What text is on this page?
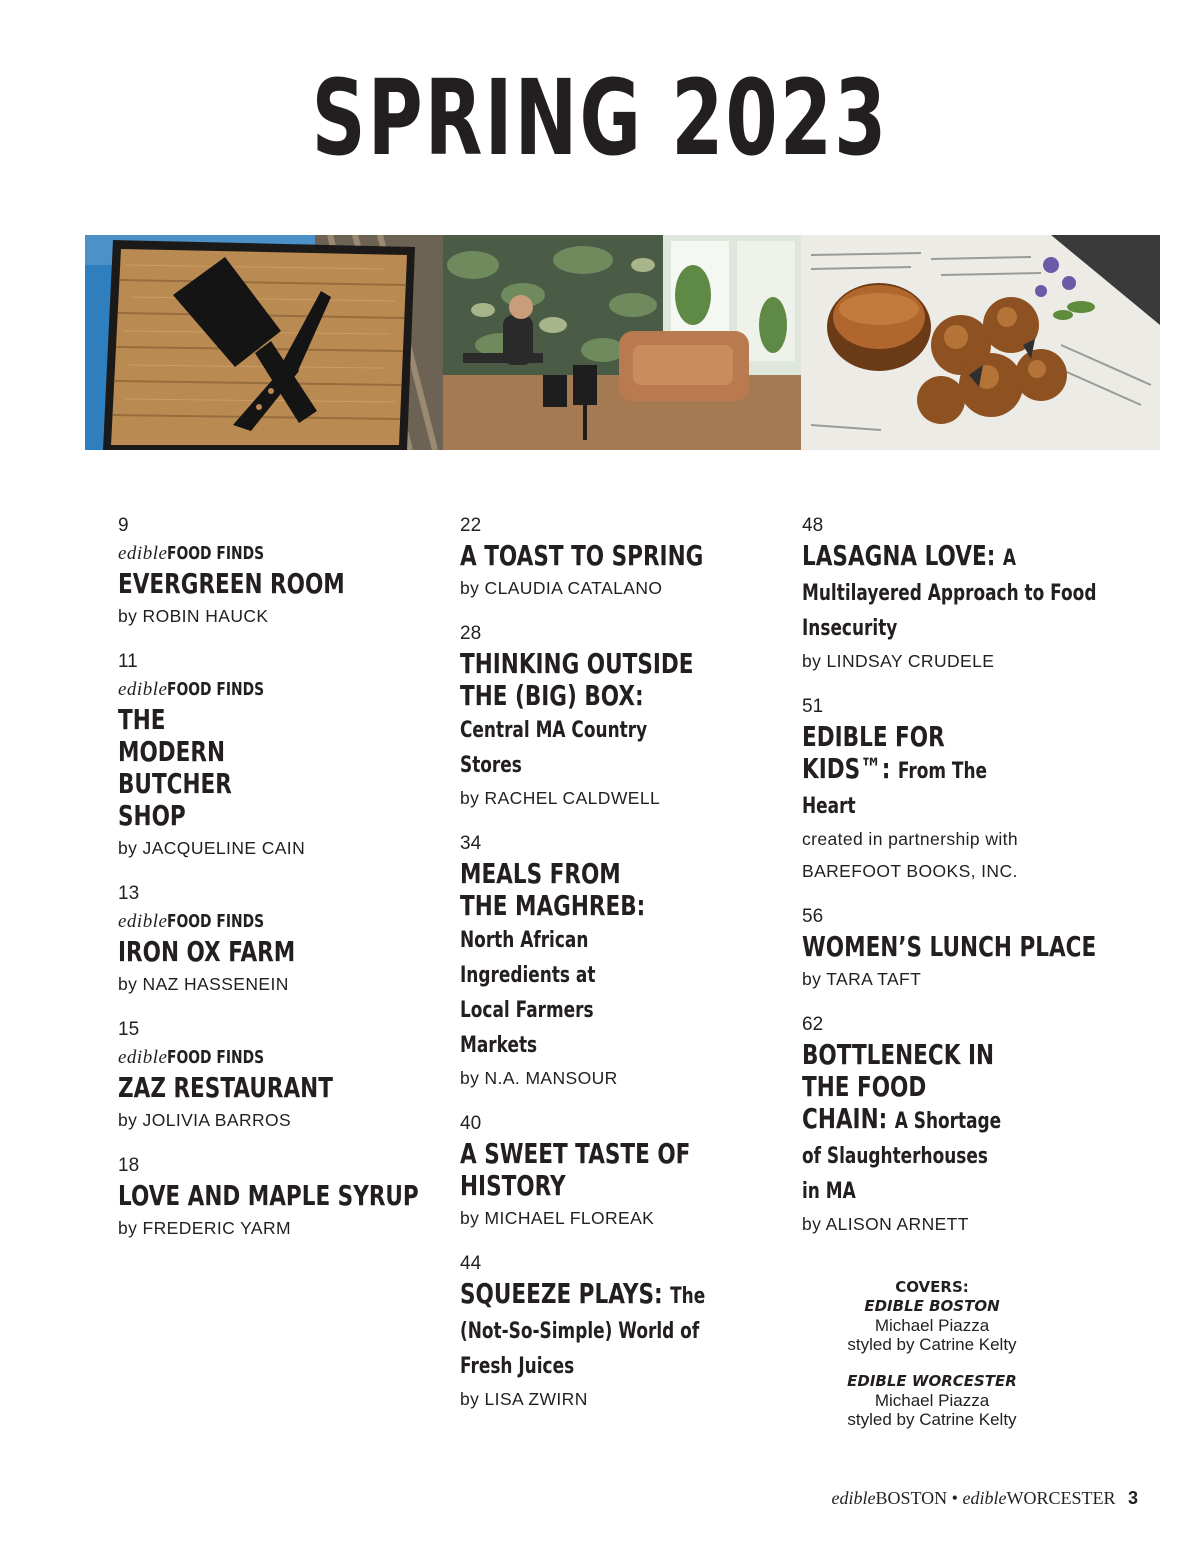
SPRING 2023
9
edibleFOOD FINDS
EVERGREEN ROOM
by ROBIN HAUCK
11
edibleFOOD FINDS
THE MODERN BUTCHER SHOP
by JACQUELINE CAIN
13
edibleFOOD FINDS
IRON OX FARM
by NAZ HASSENEIN
15
edibleFOOD FINDS
ZAZ RESTAURANT
by JOLIVIA BARROS
18
LOVE AND MAPLE SYRUP
by FREDERIC YARM
22
A TOAST TO SPRING
by CLAUDIA CATALANO
28
THINKING OUTSIDE THE (BIG) BOX: Central MA Country Stores
by RACHEL CALDWELL
34
MEALS FROM THE MAGHREB: North African Ingredients at Local Farmers Markets
by N.A. MANSOUR
40
A SWEET TASTE OF HISTORY
by MICHAEL FLOREAK
44
SQUEEZE PLAYS: The (Not-So-Simple) World of Fresh Juices
by LISA ZWIRN
48
LASAGNA LOVE: A Multilayered Approach to Food Insecurity
by LINDSAY CRUDELE
51
EDIBLE FOR KIDS™: From The Heart
created in partnership with
BAREFOOT BOOKS, INC.
56
WOMEN’S LUNCH PLACE
by TARA TAFT
62
BOTTLENECK IN THE FOOD CHAIN: A Shortage of Slaughterhouses in MA
by ALISON ARNETT
COVERS:
EDIBLE BOSTON
Michael Piazza
styled by Catrine Kelty
EDIBLE WORCESTER
Michael Piazza
styled by Catrine Kelty
edibleBOSTON • edibleWORCESTER 3
